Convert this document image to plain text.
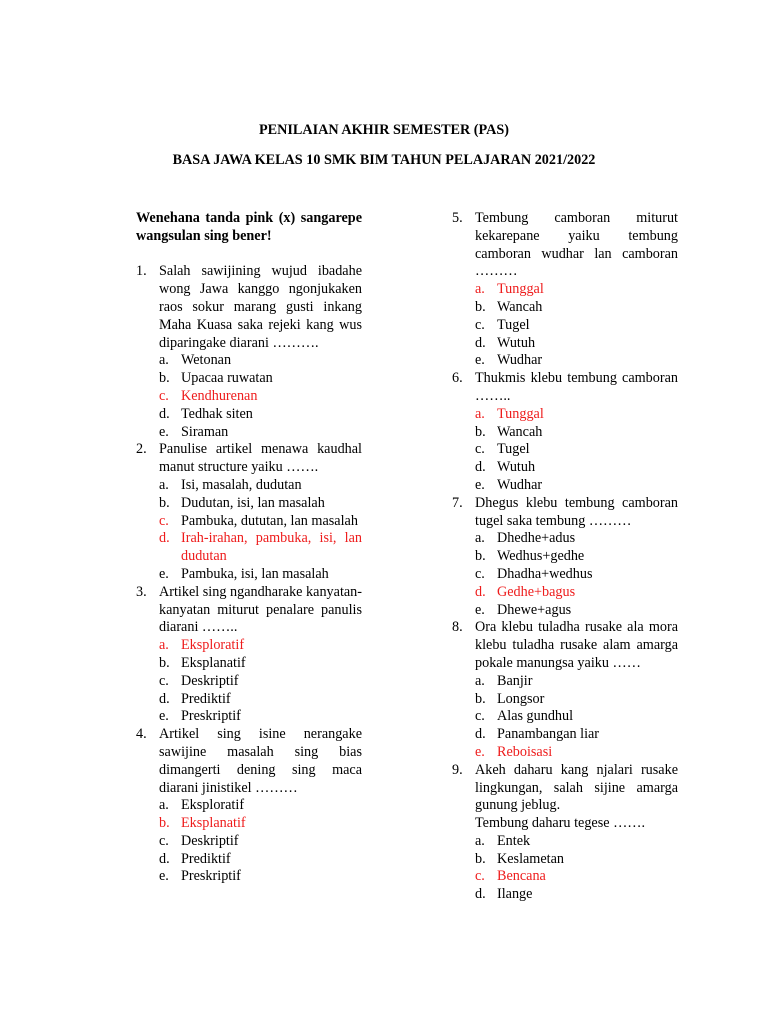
PENILAIAN AKHIR SEMESTER (PAS)

BASA JAWA KELAS 10 SMK BIM TAHUN PELAJARAN 2021/2022

Wenehana tanda pink (x) sangarepe wangsulan sing bener!

1. Salah sawijining wujud ibadahe wong Jawa kanggo ngonjukaken raos sokur marang gusti inkang Maha Kuasa saka rejeki kang wus diparingake diarani ……….

a. Wetonan
b. Upacaa ruwatan
c. Kendhurenan
d. Tedhak siten
e. Siraman
2. Panulise artikel menawa kaudhal manut structure yaiku …….

a. Isi, masalah, dudutan
b. Dudutan, isi, lan masalah
c. Pambuka, dututan, lan masalah
d. Irah-irahan, pambuka, isi, lan dudutan
e. Pambuka, isi, lan masalah
3. Artikel sing ngandharake kanyatan-kanyatan miturut penalare panulis diarani ……..

a. Eksploratif
b. Eksplanatif
c. Deskriptif
d. Prediktif
e. Preskriptif
4. Artikel sing isine nerangake sawijine masalah sing bias dimangerti dening sing maca diarani jinistikel ………

a. Eksploratif
b. Eksplanatif
c. Deskriptif
d. Prediktif
e. Preskriptif
5. Tembung camboran miturut kekarepane yaiku tembung camboran wudhar lan camboran ………

a. Tunggal
b. Wancah
c. Tugel
d. Wutuh
e. Wudhar
6. Thukmis klebu tembung camboran ……..

a. Tunggal
b. Wancah
c. Tugel
d. Wutuh
e. Wudhar
7. Dhegus klebu tembung camboran tugel saka tembung ………

a. Dhedhe+adus
b. Wedhus+gedhe
c. Dhadha+wedhus
d. Gedhe+bagus
e. Dhewe+agus
8. Ora klebu tuladha rusake ala mora klebu tuladha rusake alam amarga pokale manungsa yaiku ……

a. Banjir
b. Longsor
c. Alas gundhul
d. Panambangan liar
e. Reboisasi
9. Akeh daharu kang njalari rusake lingkungan, salah sijine amarga gunung jeblug.

Tembung daharu tegese …….

a. Entek
b. Keslametan
c. Bencana
d. Ilange
